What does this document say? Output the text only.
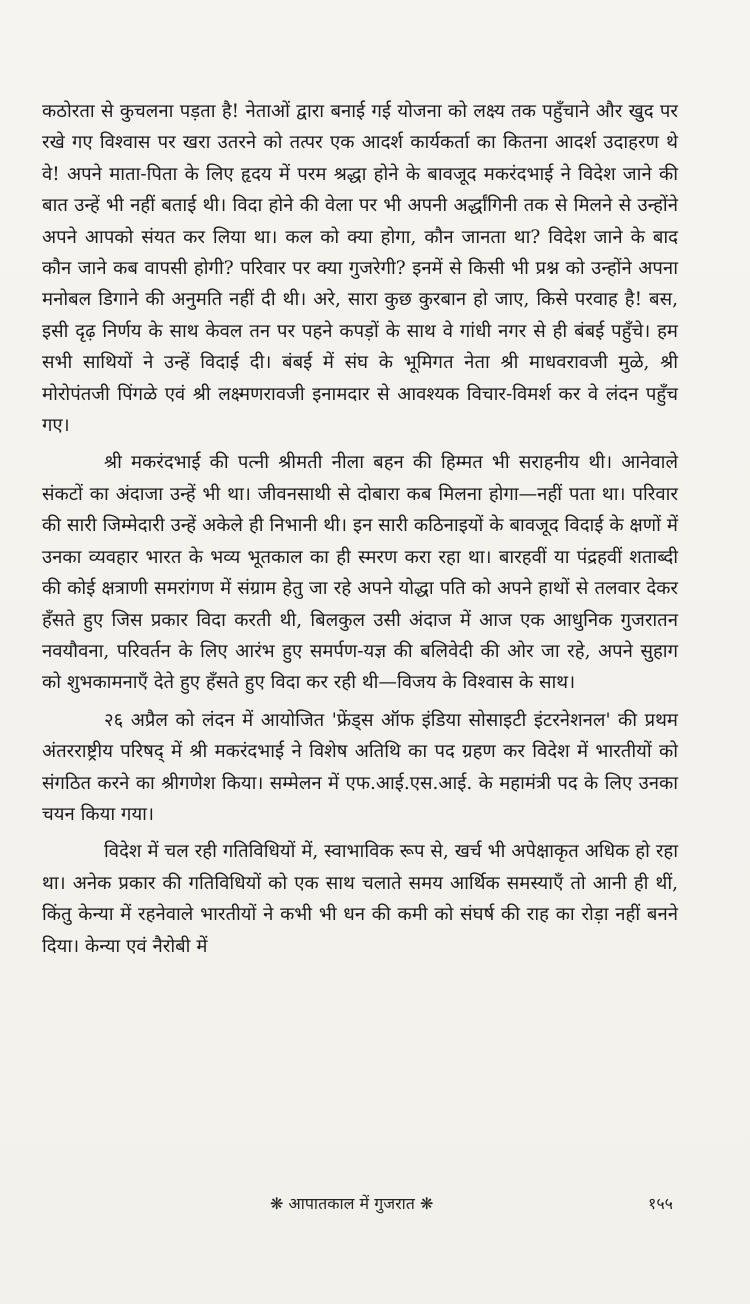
कठोरता से कुचलना पड़ता है! नेताओं द्वारा बनाई गई योजना को लक्ष्य तक पहुँचाने और खुद पर रखे गए विश्वास पर खरा उतरने को तत्पर एक आदर्श कार्यकर्ता का कितना आदर्श उदाहरण थे वे! अपने माता-पिता के लिए हृदय में परम श्रद्धा होने के बावजूद मकरंदभाई ने विदेश जाने की बात उन्हें भी नहीं बताई थी। विदा होने की वेला पर भी अपनी अर्द्धांगिनी तक से मिलने से उन्होंने अपने आपको संयत कर लिया था। कल को क्या होगा, कौन जानता था? विदेश जाने के बाद कौन जाने कब वापसी होगी? परिवार पर क्या गुजरेगी? इनमें से किसी भी प्रश्न को उन्होंने अपना मनोबल डिगाने की अनुमति नहीं दी थी। अरे, सारा कुछ कुरबान हो जाए, किसे परवाह है! बस, इसी दृढ़ निर्णय के साथ केवल तन पर पहने कपड़ों के साथ वे गांधी नगर से ही बंबई पहुँचे। हम सभी साथियों ने उन्हें विदाई दी। बंबई में संघ के भूमिगत नेता श्री माधवरावजी मुळे, श्री मोरोपंतजी पिंगळे एवं श्री लक्ष्मणरावजी इनामदार से आवश्यक विचार-विमर्श कर वे लंदन पहुँच गए।

श्री मकरंदभाई की पत्नी श्रीमती नीला बहन की हिम्मत भी सराहनीय थी। आनेवाले संकटों का अंदाजा उन्हें भी था। जीवनसाथी से दोबारा कब मिलना होगा—नहीं पता था। परिवार की सारी जिम्मेदारी उन्हें अकेले ही निभानी थी। इन सारी कठिनाइयों के बावजूद विदाई के क्षणों में उनका व्यवहार भारत के भव्य भूतकाल का ही स्मरण करा रहा था। बारहवीं या पंद्रहवीं शताब्दी की कोई क्षत्राणी समरांगण में संग्राम हेतु जा रहे अपने योद्धा पति को अपने हाथों से तलवार देकर हँसते हुए जिस प्रकार विदा करती थी, बिलकुल उसी अंदाज में आज एक आधुनिक गुजरातन नवयौवना, परिवर्तन के लिए आरंभ हुए समर्पण-यज्ञ की बलिवेदी की ओर जा रहे, अपने सुहाग को शुभकामनाएँ देते हुए हँसते हुए विदा कर रही थी—विजय के विश्वास के साथ।

२६ अप्रैल को लंदन में आयोजित 'फ्रेंड्स ऑफ इंडिया सोसाइटी इंटरनेशनल' की प्रथम अंतरराष्ट्रीय परिषद् में श्री मकरंदभाई ने विशेष अतिथि का पद ग्रहण कर विदेश में भारतीयों को संगठित करने का श्रीगणेश किया। सम्मेलन में एफ.आई.एस.आई. के महामंत्री पद के लिए उनका चयन किया गया।

विदेश में चल रही गतिविधियों में, स्वाभाविक रूप से, खर्च भी अपेक्षाकृत अधिक हो रहा था। अनेक प्रकार की गतिविधियों को एक साथ चलाते समय आर्थिक समस्याएँ तो आनी ही थीं, किंतु केन्या में रहनेवाले भारतीयों ने कभी भी धन की कमी को संघर्ष की राह का रोड़ा नहीं बनने दिया। केन्या एवं नैरोबी में

❋ आपातकाल में गुजरात ❋	१५५
